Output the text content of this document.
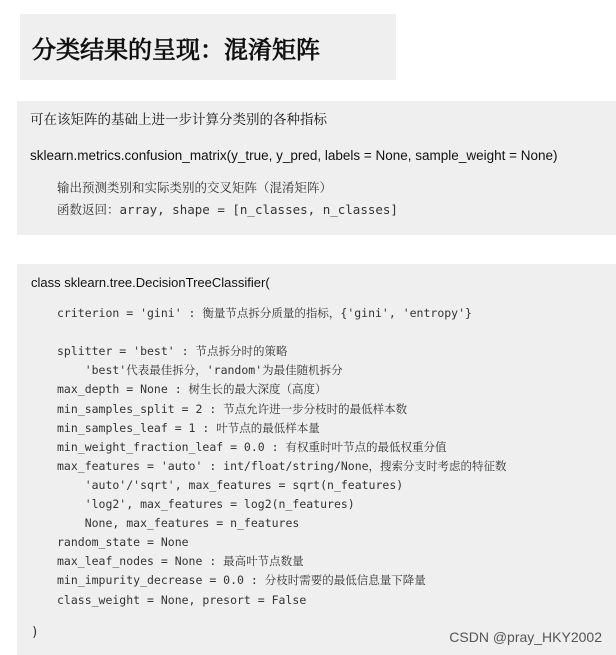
分类结果的呈现：混淆矩阵
可在该矩阵的基础上进一步计算分类别的各种指标
sklearn.metrics.confusion_matrix(y_true, y_pred, labels = None, sample_weight = None)
输出预测类别和实际类别的交叉矩阵（混淆矩阵）
函数返回：array, shape = [n_classes, n_classes]
class sklearn.tree.DecisionTreeClassifier(
criterion = 'gini' : 衡量节点拆分质量的指标，{'gini', 'entropy'}
splitter = 'best' : 节点拆分时的策略
'best'代表最佳拆分，'random'为最佳随机拆分
max_depth = None : 树生长的最大深度（高度）
min_samples_split = 2 : 节点允许进一步分枝时的最低样本数
min_samples_leaf = 1 : 叶节点的最低样本量
min_weight_fraction_leaf = 0.0 : 有权重时叶节点的最低权重分值
max_features = 'auto' : int/float/string/None，搜索分支时考虑的特征数
'auto'/'sqrt', max_features = sqrt(n_features)
'log2', max_features = log2(n_features)
None, max_features = n_features
random_state = None
max_leaf_nodes = None : 最高叶节点数量
min_impurity_decrease = 0.0 : 分枝时需要的最低信息量下降量
class_weight = None, presort = False
)	CSDN @pray_HKY2002
